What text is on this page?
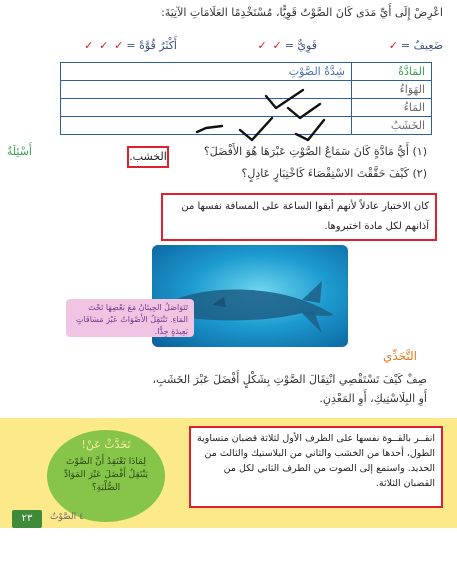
اعْرِضْ إِلَى أَيِّ مَدَى كَانَ الصَّوْتُ قَوِيًّا، مُسْتَخْدِمًا العَلَامَاتِ الآتِيَةَ:
ضَعِيفٌ =
✓
قَوِيٌّ =
✓ ✓
أَكْثَرُ قُوَّةً =
✓ ✓ ✓
المَادَّةُ	شِدَّةُ الصَّوْتِ
الهَوَاءُ	
المَاءُ	
الخَشَبُ	
أَسْئِلَةٌ	(١) أَيُّ مَادَّةٍ كَانَ سَمَاعُ الصَّوْتِ عَبْرَهَا هُوَ الأَفْضَلَ؟
الخشب.
(٢) كَيْفَ حَقَّقْتَ الاسْتِقْصَاءَ كَاخْتِبَارٍ عَادِلٍ؟
كان الاختبار عادلاً لأنهم أبقوا الساعة على المسافة نفسها من آذانهم لكل مادة اختبروها.
تَتَوَاصَلُ الحِيتَانُ مَعَ بَعْضِهَا تَحْتَ المَاءِ. تَنْتَقِلُ الأَصْوَاتُ عَبْرَ مَسَافَاتٍ بَعِيدَةٍ جِدًّا.
التَّحَدِّي
صِفْ كَيْفَ تَسْتَقْصِي انْتِقَالَ الصَّوْتِ بِشَكْلٍ أَفْضَلَ عَبْرَ الخَشَبِ،
أَوِ البِلَاسْتِيكِ، أَوِ المَعْدِنِ.
تَحَدَّثْ عَنْ!
لِمَاذَا تَعْتَقِدُ أَنَّ الصَّوْتَ يَنْتَقِلُ أَفْضَلَ عَبْرَ المَوَادِّ الصُّلْبَةِ؟
انقــر بالقــوة نفسها على الطرف الأول لثلاثة قضبان متساوية الطول، أحدها من الخشب والثاني من البلاستيك والثالث من الحديد. واستمع إلى الصوت من الطرف الثاني لكل من القضبان الثلاثة.
٢٣	٤ الصَّوْتُ
